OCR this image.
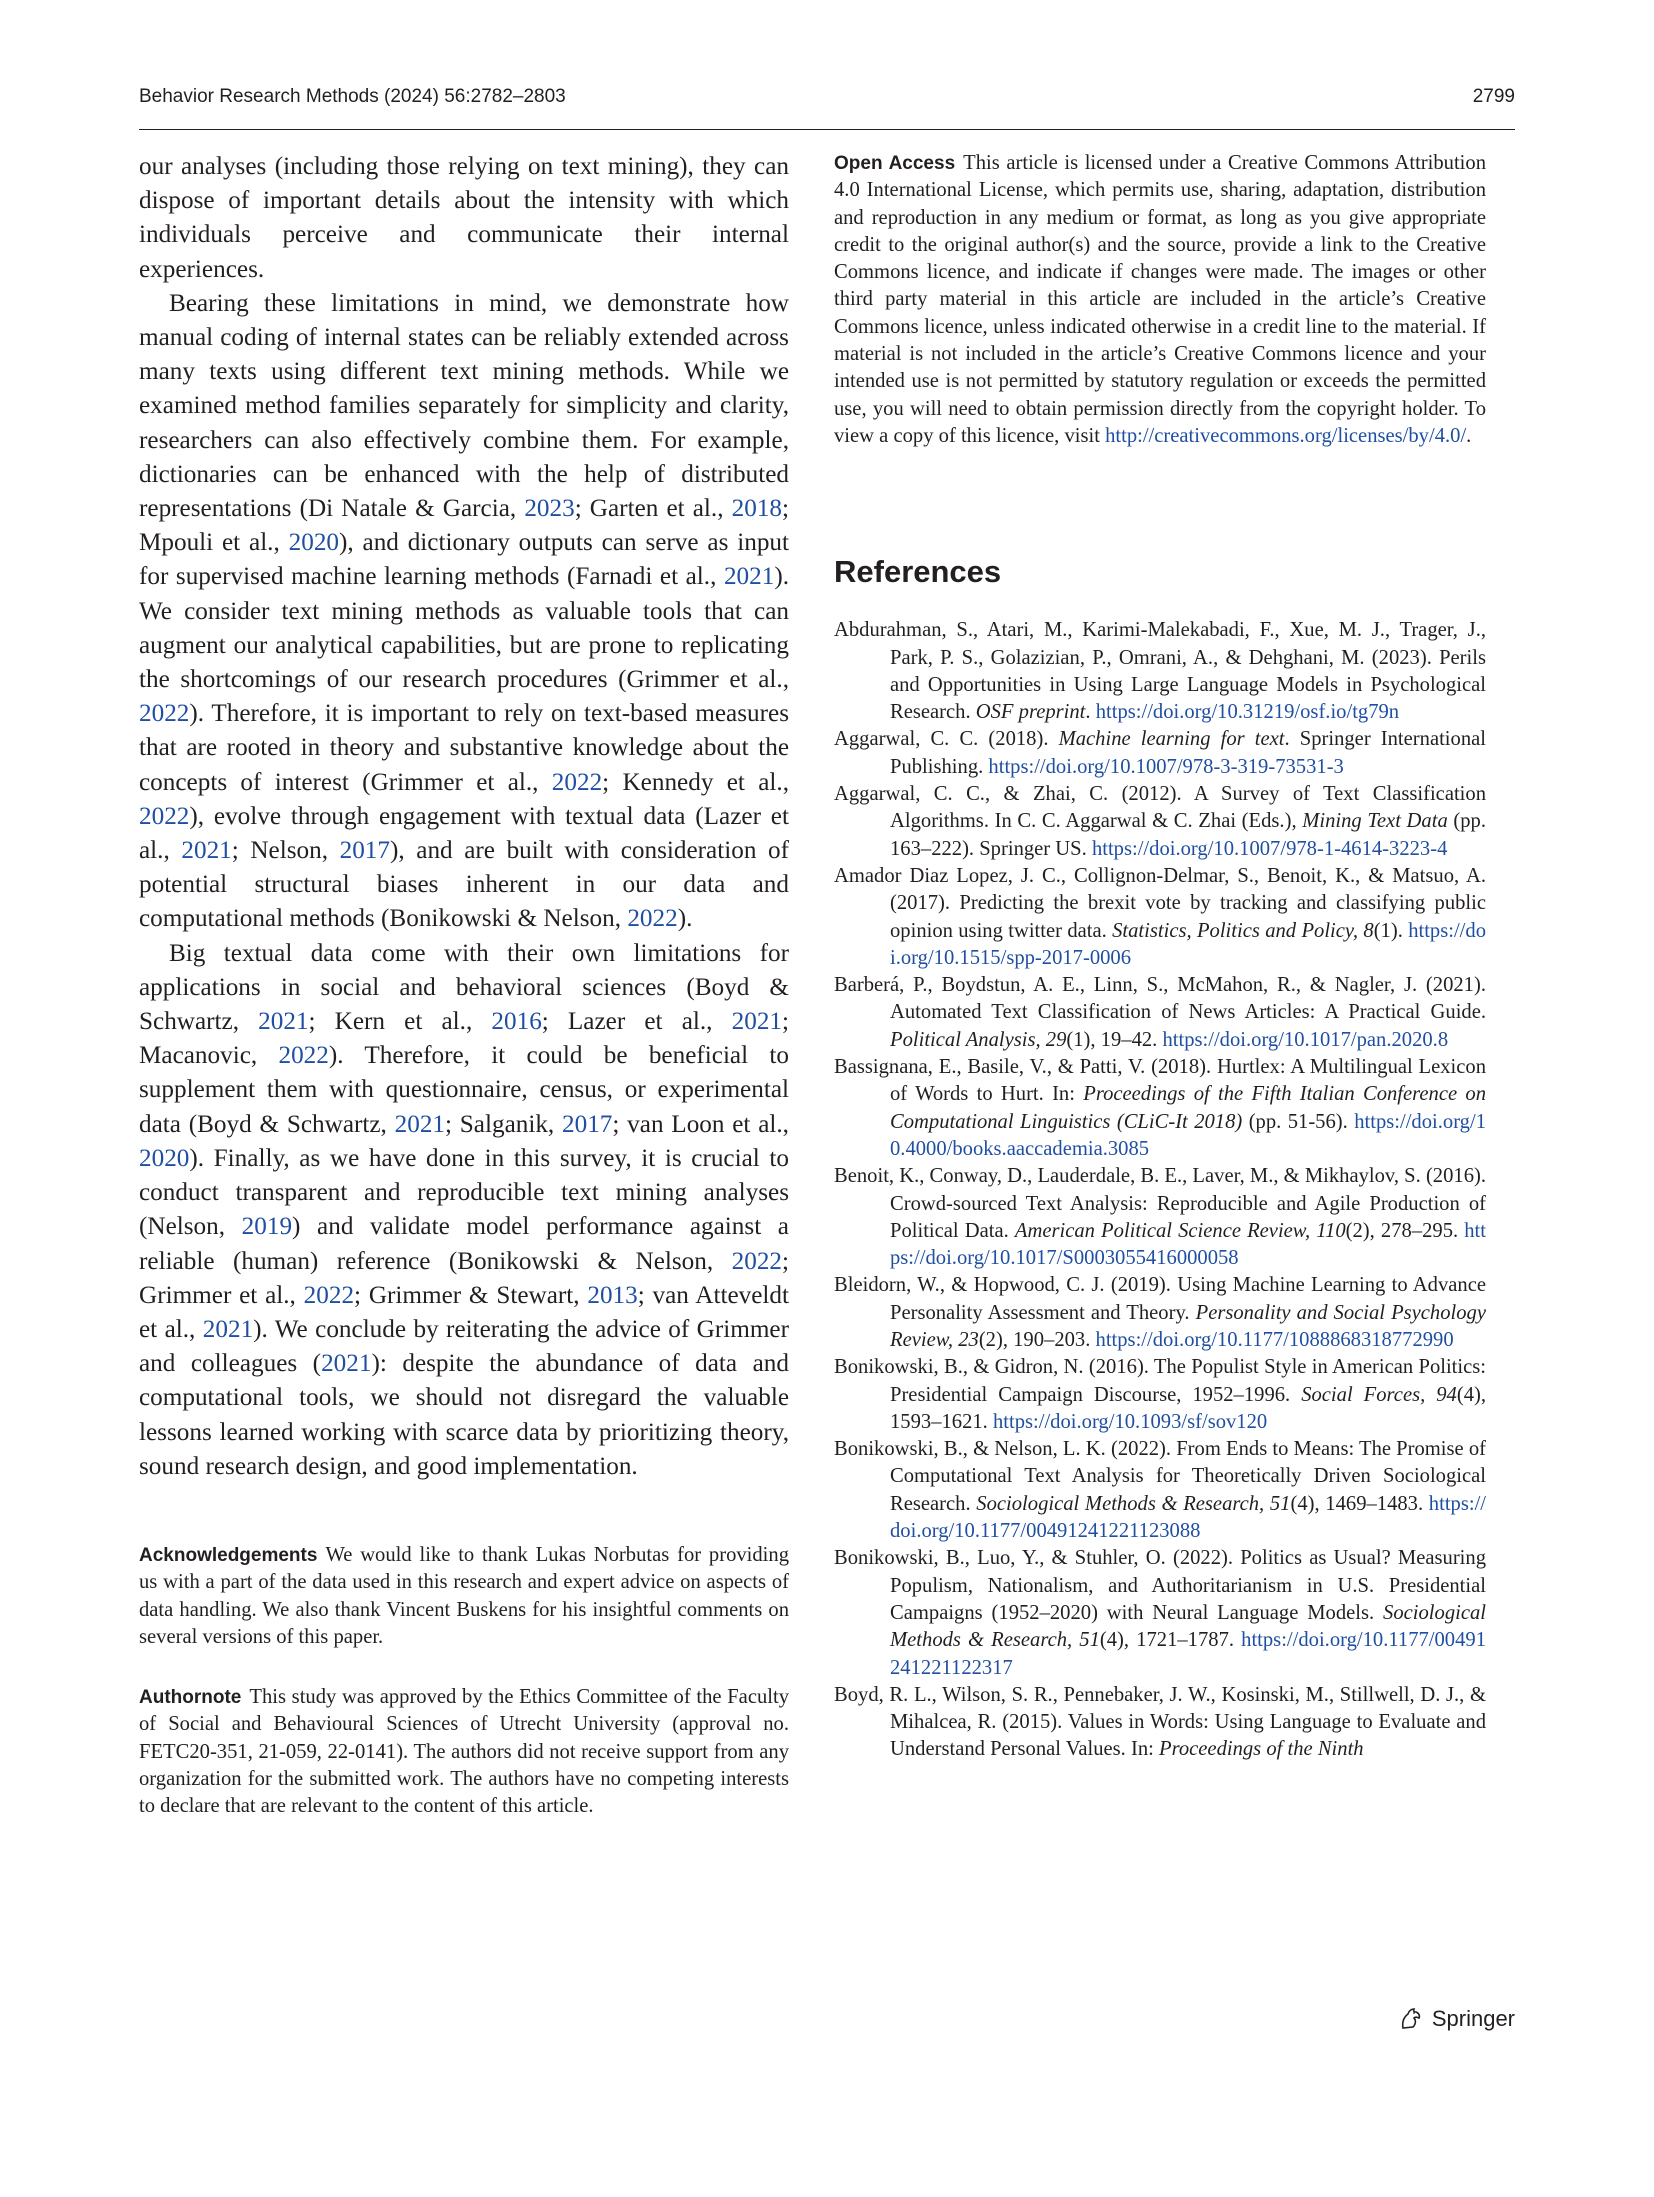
Behavior Research Methods (2024) 56:2782–2803	2799

our analyses (including those relying on text mining), they can dispose of important details about the intensity with which individuals perceive and communicate their internal experiences.

Bearing these limitations in mind, we demonstrate how manual coding of internal states can be reliably extended across many texts using different text mining methods. While we examined method families separately for simplicity and clarity, researchers can also effectively combine them. For example, dictionaries can be enhanced with the help of distributed representations (Di Natale & Garcia, 2023; Garten et al., 2018; Mpouli et al., 2020), and dictionary outputs can serve as input for supervised machine learning methods (Farnadi et al., 2021). We consider text mining methods as valuable tools that can augment our analytical capabilities, but are prone to replicating the shortcomings of our research procedures (Grimmer et al., 2022). Therefore, it is important to rely on text-based measures that are rooted in theory and substantive knowledge about the concepts of interest (Grimmer et al., 2022; Kennedy et al., 2022), evolve through engagement with textual data (Lazer et al., 2021; Nelson, 2017), and are built with consideration of potential structural biases inherent in our data and computational methods (Bonikowski & Nelson, 2022).

Big textual data come with their own limitations for applications in social and behavioral sciences (Boyd & Schwartz, 2021; Kern et al., 2016; Lazer et al., 2021; Macanovic, 2022). Therefore, it could be beneficial to supplement them with questionnaire, census, or experimental data (Boyd & Schwartz, 2021; Salganik, 2017; van Loon et al., 2020). Finally, as we have done in this survey, it is crucial to conduct transparent and reproducible text mining analyses (Nelson, 2019) and validate model performance against a reliable (human) reference (Bonikowski & Nelson, 2022; Grimmer et al., 2022; Grimmer & Stewart, 2013; van Atteveldt et al., 2021). We conclude by reiterating the advice of Grimmer and colleagues (2021): despite the abundance of data and computational tools, we should not disregard the valuable lessons learned working with scarce data by prioritizing theory, sound research design, and good implementation.

Acknowledgements We would like to thank Lukas Norbutas for providing us with a part of the data used in this research and expert advice on aspects of data handling. We also thank Vincent Buskens for his insightful comments on several versions of this paper.

Authornote This study was approved by the Ethics Committee of the Faculty of Social and Behavioural Sciences of Utrecht University (approval no. FETC20-351, 21-059, 22-0141). The authors did not receive support from any organization for the submitted work. The authors have no competing interests to declare that are relevant to the content of this article.

Open Access This article is licensed under a Creative Commons Attribution 4.0 International License, which permits use, sharing, adaptation, distribution and reproduction in any medium or format, as long as you give appropriate credit to the original author(s) and the source, provide a link to the Creative Commons licence, and indicate if changes were made. The images or other third party material in this article are included in the article’s Creative Commons licence, unless indicated otherwise in a credit line to the material. If material is not included in the article’s Creative Commons licence and your intended use is not permitted by statutory regulation or exceeds the permitted use, you will need to obtain permission directly from the copyright holder. To view a copy of this licence, visit http://creativecommons.org/licenses/by/4.0/.

References

Abdurahman, S., Atari, M., Karimi-Malekabadi, F., Xue, M. J., Trager, J., Park, P. S., Golazizian, P., Omrani, A., & Dehghani, M. (2023). Perils and Opportunities in Using Large Language Models in Psychological Research. OSF preprint. https://doi.org/10.31219/osf.io/tg79n

Aggarwal, C. C. (2018). Machine learning for text. Springer International Publishing. https://doi.org/10.1007/978-3-319-73531-3

Aggarwal, C. C., & Zhai, C. (2012). A Survey of Text Classification Algorithms. In C. C. Aggarwal & C. Zhai (Eds.), Mining Text Data (pp. 163–222). Springer US. https://doi.org/10.1007/978-1-4614-3223-4

Amador Diaz Lopez, J. C., Collignon-Delmar, S., Benoit, K., & Matsuo, A. (2017). Predicting the brexit vote by tracking and classifying public opinion using twitter data. Statistics, Politics and Policy, 8(1). https://doi.org/10.1515/spp-2017-0006

Barberá, P., Boydstun, A. E., Linn, S., McMahon, R., & Nagler, J. (2021). Automated Text Classification of News Articles: A Practical Guide. Political Analysis, 29(1), 19–42. https://doi.org/10.1017/pan.2020.8

Bassignana, E., Basile, V., & Patti, V. (2018). Hurtlex: A Multilingual Lexicon of Words to Hurt. In: Proceedings of the Fifth Italian Conference on Computational Linguistics (CLiC-It 2018) (pp. 51-56). https://doi.org/10.4000/books.aaccademia.3085

Benoit, K., Conway, D., Lauderdale, B. E., Laver, M., & Mikhaylov, S. (2016). Crowd-sourced Text Analysis: Reproducible and Agile Production of Political Data. American Political Science Review, 110(2), 278–295. https://doi.org/10.1017/S0003055416000058

Bleidorn, W., & Hopwood, C. J. (2019). Using Machine Learning to Advance Personality Assessment and Theory. Personality and Social Psychology Review, 23(2), 190–203. https://doi.org/10.1177/1088868318772990

Bonikowski, B., & Gidron, N. (2016). The Populist Style in American Politics: Presidential Campaign Discourse, 1952–1996. Social Forces, 94(4), 1593–1621. https://doi.org/10.1093/sf/sov120

Bonikowski, B., & Nelson, L. K. (2022). From Ends to Means: The Promise of Computational Text Analysis for Theoretically Driven Sociological Research. Sociological Methods & Research, 51(4), 1469–1483. https://doi.org/10.1177/00491241221123088

Bonikowski, B., Luo, Y., & Stuhler, O. (2022). Politics as Usual? Measuring Populism, Nationalism, and Authoritarianism in U.S. Presidential Campaigns (1952–2020) with Neural Language Models. Sociological Methods & Research, 51(4), 1721–1787. https://doi.org/10.1177/00491241221122317

Boyd, R. L., Wilson, S. R., Pennebaker, J. W., Kosinski, M., Stillwell, D. J., & Mihalcea, R. (2015). Values in Words: Using Language to Evaluate and Understand Personal Values. In: Proceedings of the Ninth

Springer
